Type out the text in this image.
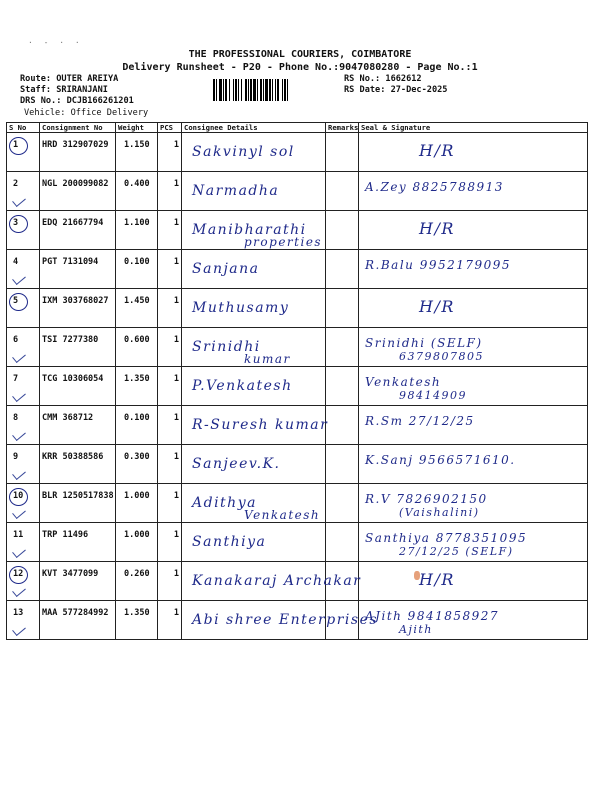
· - · ·
THE PROFESSIONAL COURIERS, COIMBATORE
Delivery Runsheet - P20 - Phone No.:9047080280 - Page No.:1
Route: OUTER AREIYA
Staff: SRIRANJANI
DRS No.: DCJB166261201
Vehicle: Office Delivery
RS No.: 1662612
RS Date: 27-Dec-2025
S No	Consignment No	Weight	PCS	Consignee Details	Remarks	Seal & Signature

1	HRD 312907029	1.150	1	Sakvinyl sol		H/R

2	NGL 200099082	0.400	1	Narmadha		A.Zey 8825788913

3	EDQ 21667794	1.100	1	Manibharathi
properties		H/R

4	PGT 7131094	0.100	1	Sanjana		R.Balu 9952179095

5	IXM 303768027	1.450	1	Muthusamy		H/R

6	TSI 7277380	0.600	1	Srinidhi
kumar		Srinidhi (SELF)
6379807805

7	TCG 10306054	1.350	1	P.Venkatesh		Venkatesh
98414909

8	CMM 368712	0.100	1	R-Suresh kumar		R.Sm 27/12/25

9	KRR 50388586	0.300	1	Sanjeev.K.		K.Sanj 9566571610.

10	BLR 1250517838	1.000	1	Adithya
Venkatesh		R.V 7826902150
(Vaishalini)

11	TRP 11496	1.000	1	Santhiya		Santhiya 8778351095
27/12/25 (SELF)

12	KVT 3477099	0.260	1	Kanakaraj Archakar		H/R

13	MAA 577284992	1.350	1	Abi shree Enterprises		AJith 9841858927
Ajith
